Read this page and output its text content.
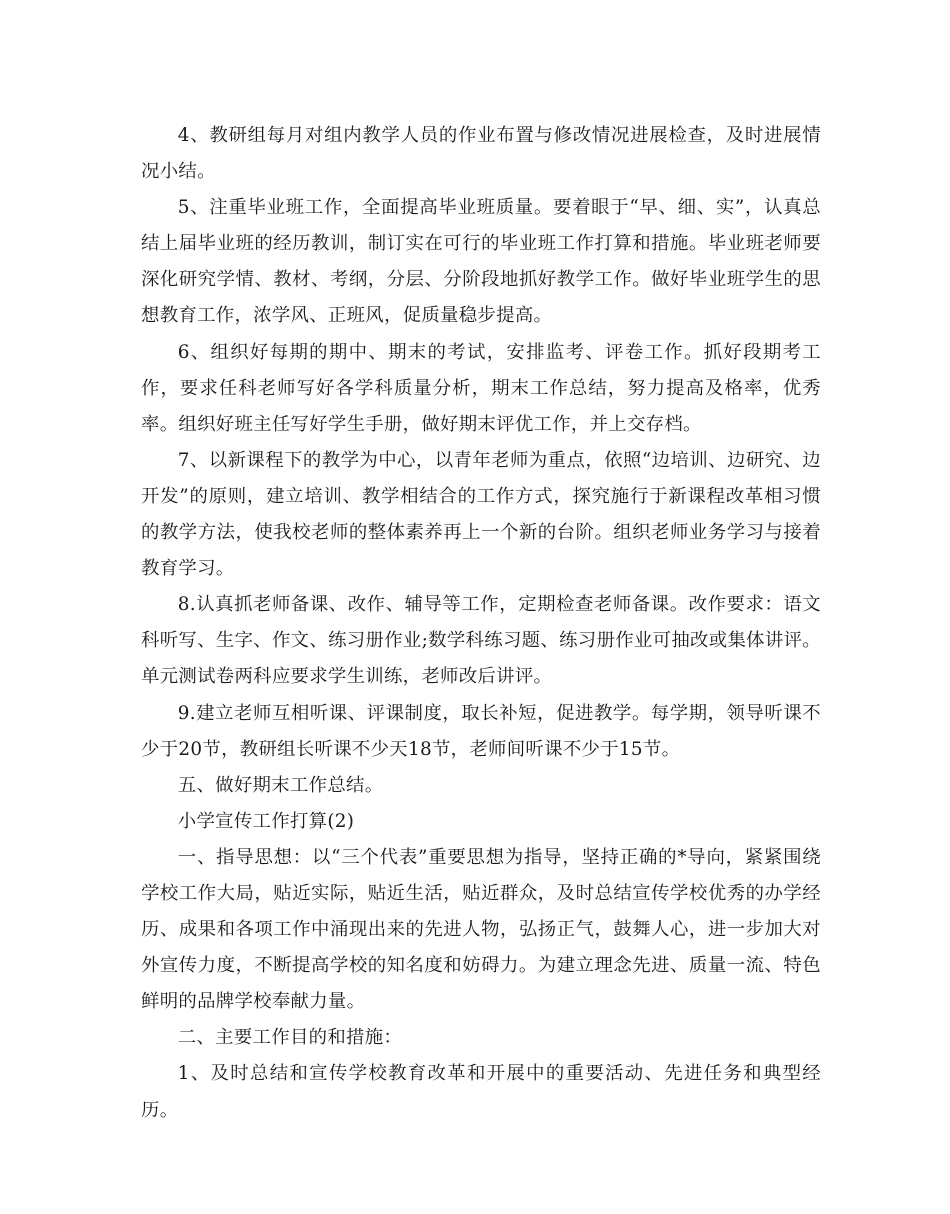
4、教研组每月对组内教学人员的作业布置与修改情况进展检查，及时进展情况小结。

5、注重毕业班工作，全面提高毕业班质量。要着眼于“早、细、实”，认真总结上届毕业班的经历教训，制订实在可行的毕业班工作打算和措施。毕业班老师要深化研究学情、教材、考纲，分层、分阶段地抓好教学工作。做好毕业班学生的思想教育工作，浓学风、正班风，促质量稳步提高。

6、组织好每期的期中、期末的考试，安排监考、评卷工作。抓好段期考工作，要求任科老师写好各学科质量分析，期末工作总结，努力提高及格率，优秀率。组织好班主任写好学生手册，做好期末评优工作，并上交存档。

7、以新课程下的教学为中心，以青年老师为重点，依照“边培训、边研究、边开发”的原则，建立培训、教学相结合的工作方式，探究施行于新课程改革相习惯的教学方法，使我校老师的整体素养再上一个新的台阶。组织老师业务学习与接着教育学习。

8.认真抓老师备课、改作、辅导等工作，定期检查老师备课。改作要求：语文科听写、生字、作文、练习册作业;数学科练习题、练习册作业可抽改或集体讲评。单元测试卷两科应要求学生训练，老师改后讲评。

9.建立老师互相听课、评课制度，取长补短，促进教学。每学期，领导听课不少于20节，教研组长听课不少天18节，老师间听课不少于15节。

五、做好期末工作总结。

小学宣传工作打算(2)

一、指导思想：以“三个代表”重要思想为指导，坚持正确的*导向，紧紧围绕学校工作大局，贴近实际，贴近生活，贴近群众，及时总结宣传学校优秀的办学经历、成果和各项工作中涌现出来的先进人物，弘扬正气，鼓舞人心，进一步加大对外宣传力度，不断提高学校的知名度和妨碍力。为建立理念先进、质量一流、特色鲜明的品牌学校奉献力量。

二、主要工作目的和措施：

1、及时总结和宣传学校教育改革和开展中的重要活动、先进任务和典型经历。
